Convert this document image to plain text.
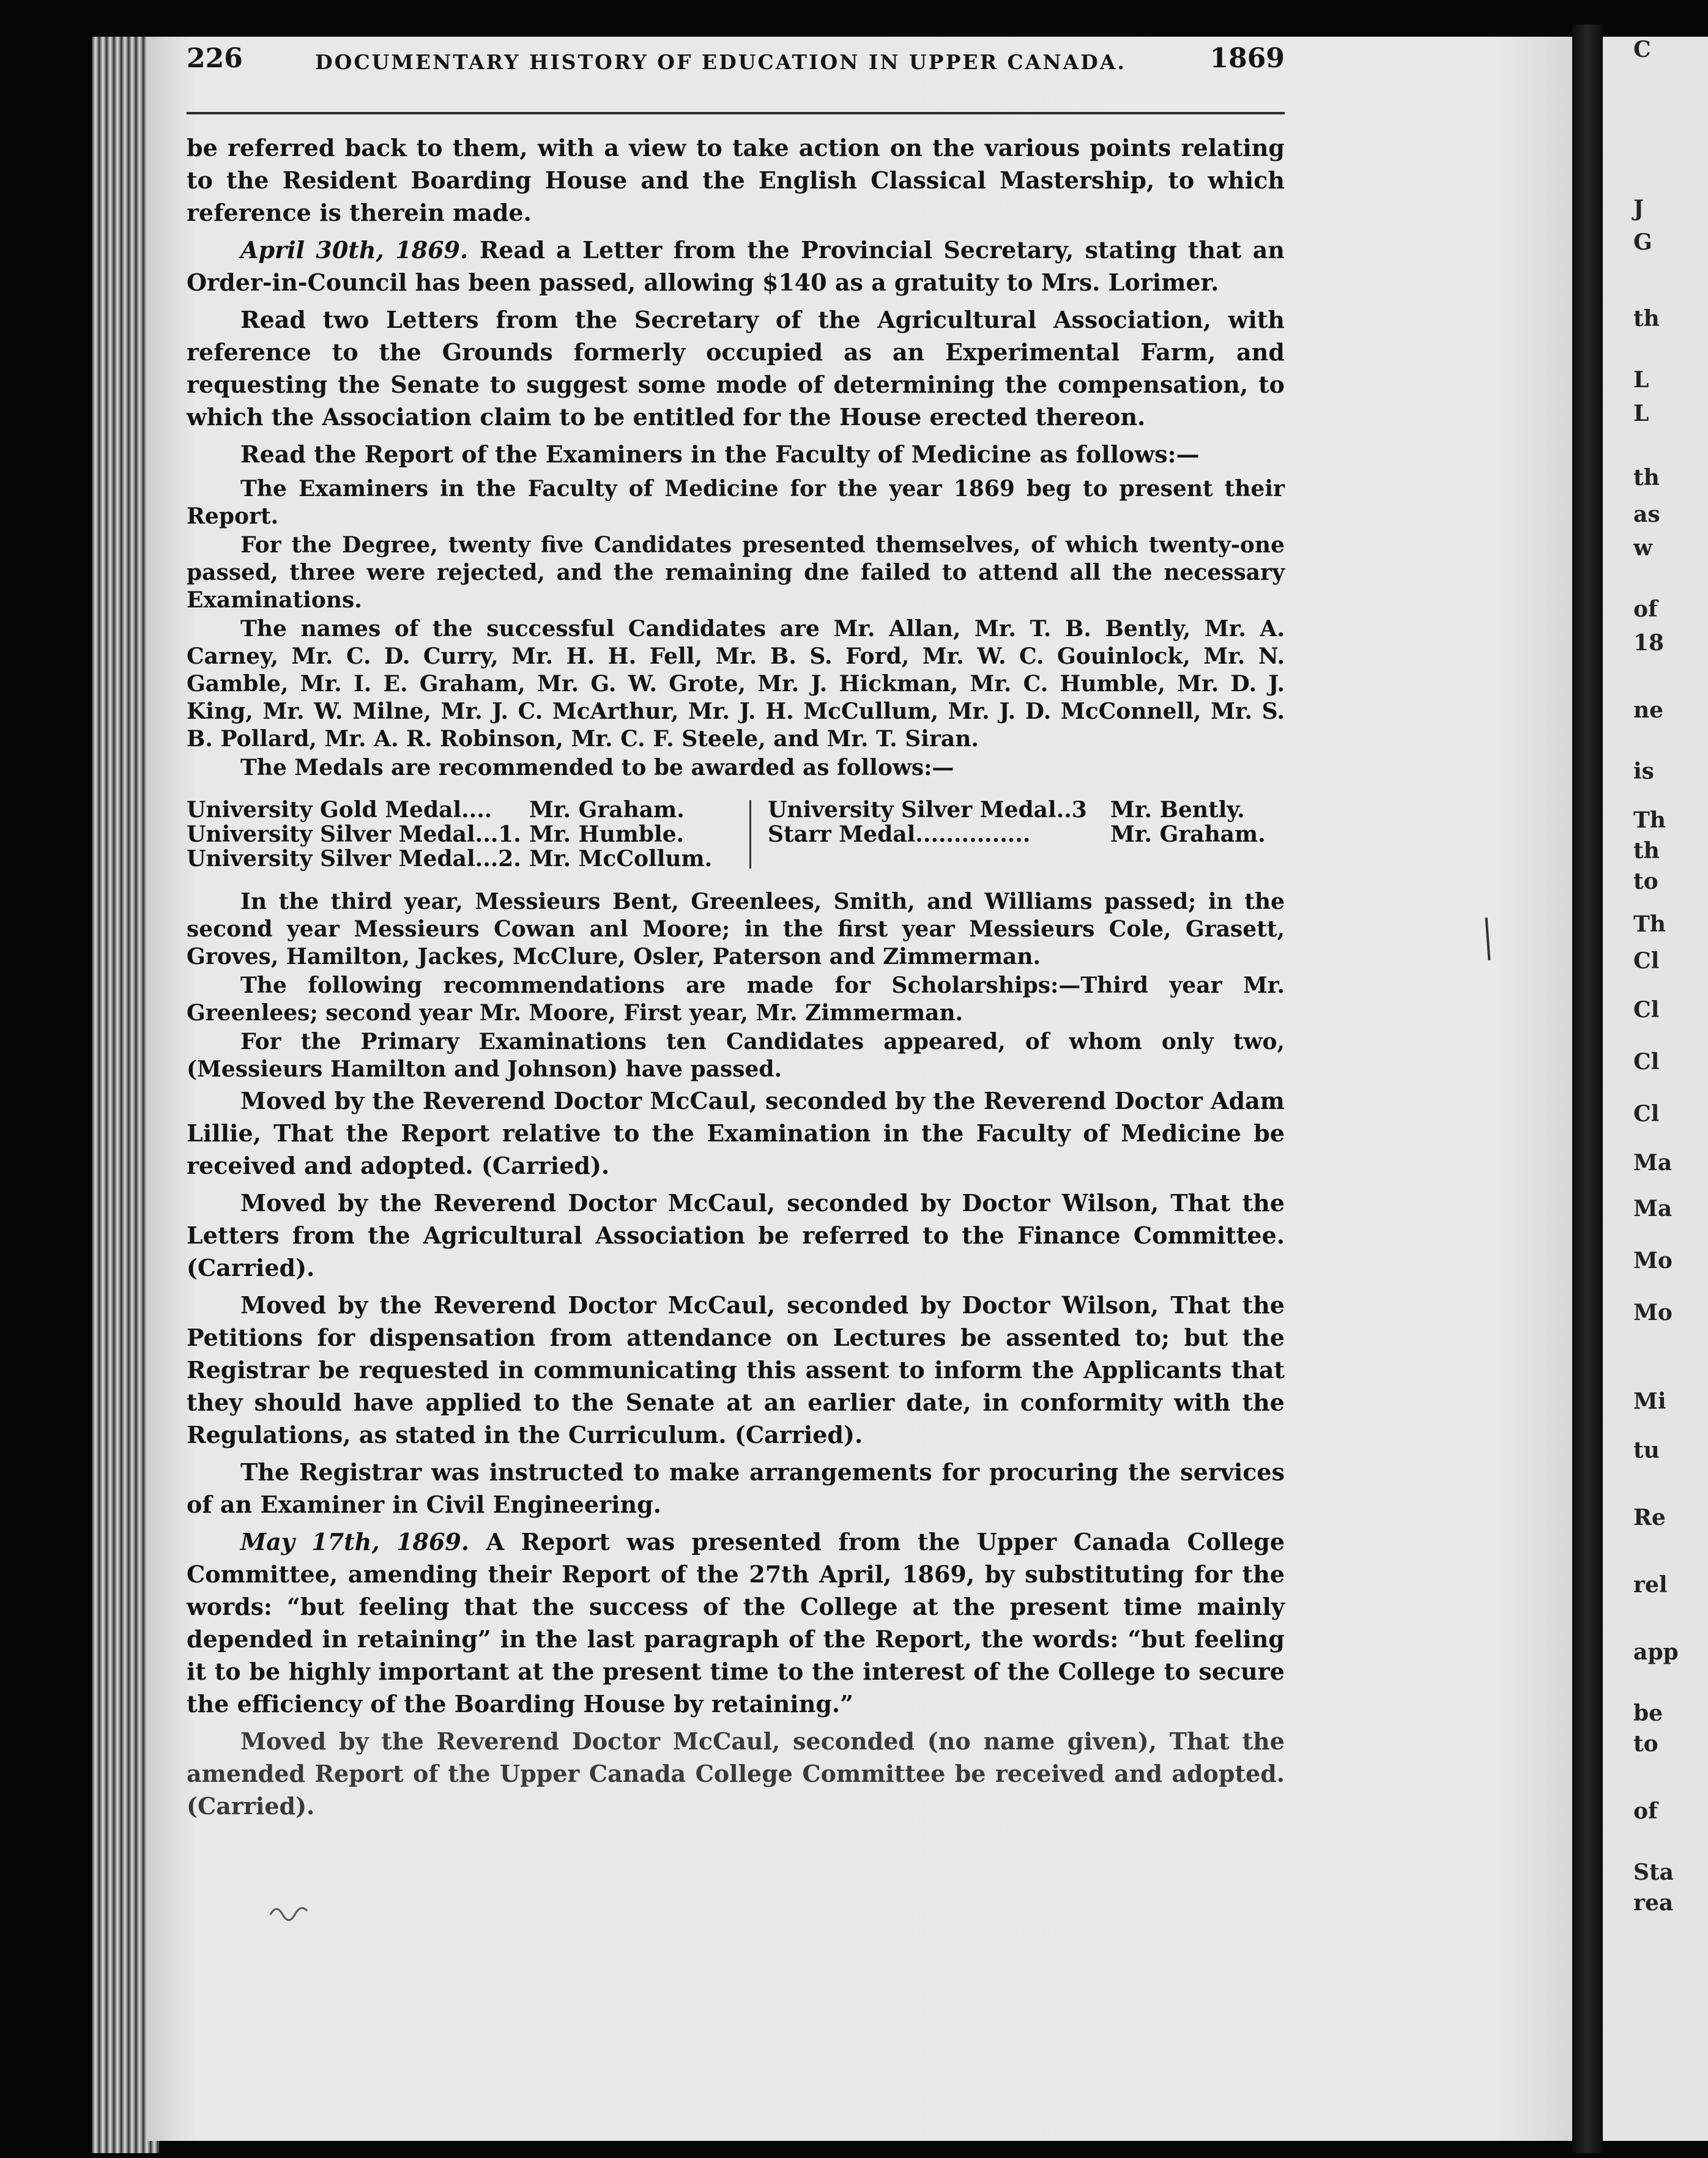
226	DOCUMENTARY HISTORY OF EDUCATION IN UPPER CANADA.	1869

be referred back to them, with a view to take action on the various points relating to the Resident Boarding House and the English Classical Mastership, to which reference is therein made.

April 30th, 1869. Read a Letter from the Provincial Secretary, stating that an Order-in-Council has been passed, allowing $140 as a gratuity to Mrs. Lorimer.

Read two Letters from the Secretary of the Agricultural Association, with reference to the Grounds formerly occupied as an Experimental Farm, and requesting the Senate to suggest some mode of determining the compensation, to which the Association claim to be entitled for the House erected thereon.

Read the Report of the Examiners in the Faculty of Medicine as follows:—

The Examiners in the Faculty of Medicine for the year 1869 beg to present their Report.

For the Degree, twenty five Candidates presented themselves, of which twenty-one passed, three were rejected, and the remaining dne failed to attend all the necessary Examinations.

The names of the successful Candidates are Mr. Allan, Mr. T. B. Bently, Mr. A. Carney, Mr. C. D. Curry, Mr. H. H. Fell, Mr. B. S. Ford, Mr. W. C. Gouinlock, Mr. N. Gamble, Mr. I. E. Graham, Mr. G. W. Grote, Mr. J. Hickman, Mr. C. Humble, Mr. D. J. King, Mr. W. Milne, Mr. J. C. McArthur, Mr. J. H. McCullum, Mr. J. D. McConnell, Mr. S. B. Pollard, Mr. A. R. Robinson, Mr. C. F. Steele, and Mr. T. Siran.

The Medals are recommended to be awarded as follows:—

University Gold Medal.... Mr. Graham.
University Silver Medal...1. Mr. Humble.
University Silver Medal...2. Mr. McCollum.
University Silver Medal..3 Mr. Bently.
Starr Medal...............	Mr. Graham.

In the third year, Messieurs Bent, Greenlees, Smith, and Williams passed; in the second year Messieurs Cowan anl Moore; in the first year Messieurs Cole, Grasett, Groves, Hamilton, Jackes, McClure, Osler, Paterson and Zimmerman.

The following recommendations are made for Scholarships:—Third year Mr. Greenlees; second year Mr. Moore, First year, Mr. Zimmerman.

For the Primary Examinations ten Candidates appeared, of whom only two, (Messieurs Hamilton and Johnson) have passed.

Moved by the Reverend Doctor McCaul, seconded by the Reverend Doctor Adam Lillie, That the Report relative to the Examination in the Faculty of Medicine be received and adopted. (Carried).

Moved by the Reverend Doctor McCaul, seconded by Doctor Wilson, That the Letters from the Agricultural Association be referred to the Finance Committee. (Carried).

Moved by the Reverend Doctor McCaul, seconded by Doctor Wilson, That the Petitions for dispensation from attendance on Lectures be assented to; but the Registrar be requested in communicating this assent to inform the Applicants that they should have applied to the Senate at an earlier date, in conformity with the Regulations, as stated in the Curriculum. (Carried).

The Registrar was instructed to make arrangements for procuring the services of an Examiner in Civil Engineering.

May 17th, 1869. A Report was presented from the Upper Canada College Committee, amending their Report of the 27th April, 1869, by substituting for the words: “but feeling that the success of the College at the present time mainly depended in retaining” in the last paragraph of the Report, the words: “but feeling it to be highly important at the present time to the interest of the College to secure the efficiency of the Boarding House by retaining.”

Moved by the Reverend Doctor McCaul, seconded (no name given), That the amended Report of the Upper Canada College Committee be received and adopted. (Carried).

C
J
G
th
L
L
th
as
w
of
18
ne
is
Th
th
to
Th
Cl
Cl
Cl
Cl
Ma
Ma
Mo
Mo
Mi
tu
Re
rel
app
be
to
of
Sta
rea
